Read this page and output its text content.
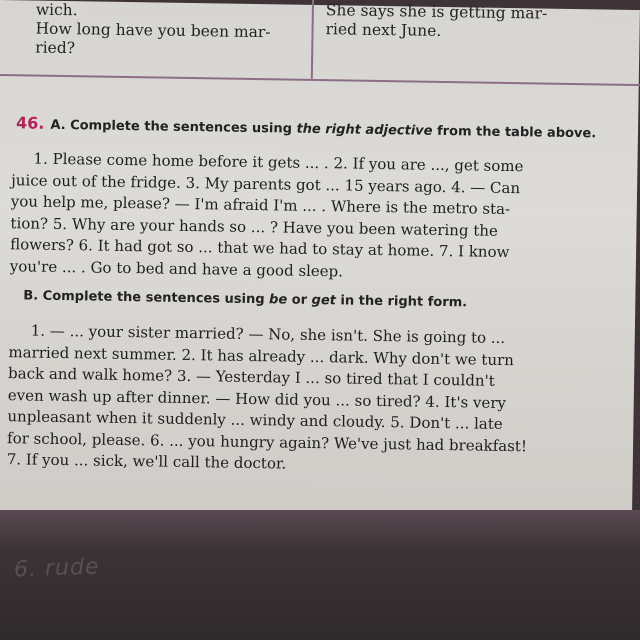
wich.
How long have you been mar-
ried?
She says she is getting mar-
ried next June.
46. A. Complete the sentences using the right adjective from the table above.
1. Please come home before it gets ... . 2. If you are ..., get some
juice out of the fridge. 3. My parents got ... 15 years ago. 4. — Can
you help me, please? — I'm afraid I'm ... . Where is the metro sta-
tion? 5. Why are your hands so ... ? Have you been watering the
flowers? 6. It had got so ... that we had to stay at home. 7. I know
you're ... . Go to bed and have a good sleep.
B. Complete the sentences using be or get in the right form.
1. — ... your sister married? — No, she isn't. She is going to ...
married next summer. 2. It has already ... dark. Why don't we turn
back and walk home? 3. — Yesterday I ... so tired that I couldn't
even wash up after dinner. — How did you ... so tired? 4. It's very
unpleasant when it suddenly ... windy and cloudy. 5. Don't ... late
for school, please. 6. ... you hungry again? We've just had breakfast!
7. If you ... sick, we'll call the doctor.
6. rude
